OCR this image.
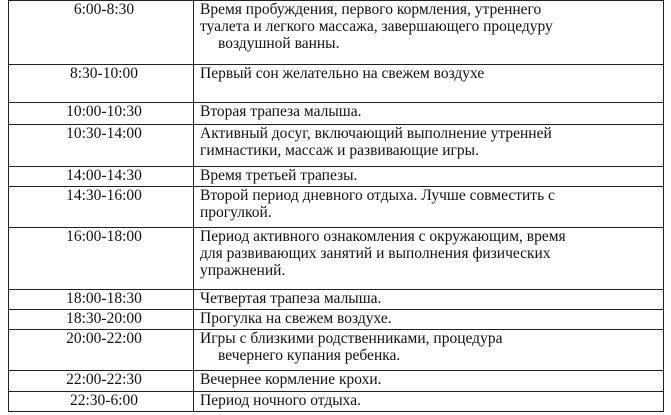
6:00-8:30	Время пробуждения, первого кормления, утреннего
туалета и легкого массажа, завершающего процедуру

воздушной ванны.

8:30-10:00	Первый сон желательно на свежем воздухе
10:00-10:30	Вторая трапеза малыша.
10:30-14:00	Активный досуг, включающий выполнение утренней
гимнастики, массаж и развивающие игры.
14:00-14:30	Время третьей трапезы.
14:30-16:00	Второй период дневного отдыха. Лучше совместить с
прогулкой.
16:00-18:00	Период активного ознакомления с окружающим, время
для развивающих занятий и выполнения физических
упражнений.
18:00-18:30	Четвертая трапеза малыша.
18:30-20:00	Прогулка на свежем воздухе.
20:00-22:00	Игры с близкими родственниками, процедура

вечернего купания ребенка.

22:00-22:30	Вечернее кормление крохи.
22:30-6:00	Период ночного отдыха.
